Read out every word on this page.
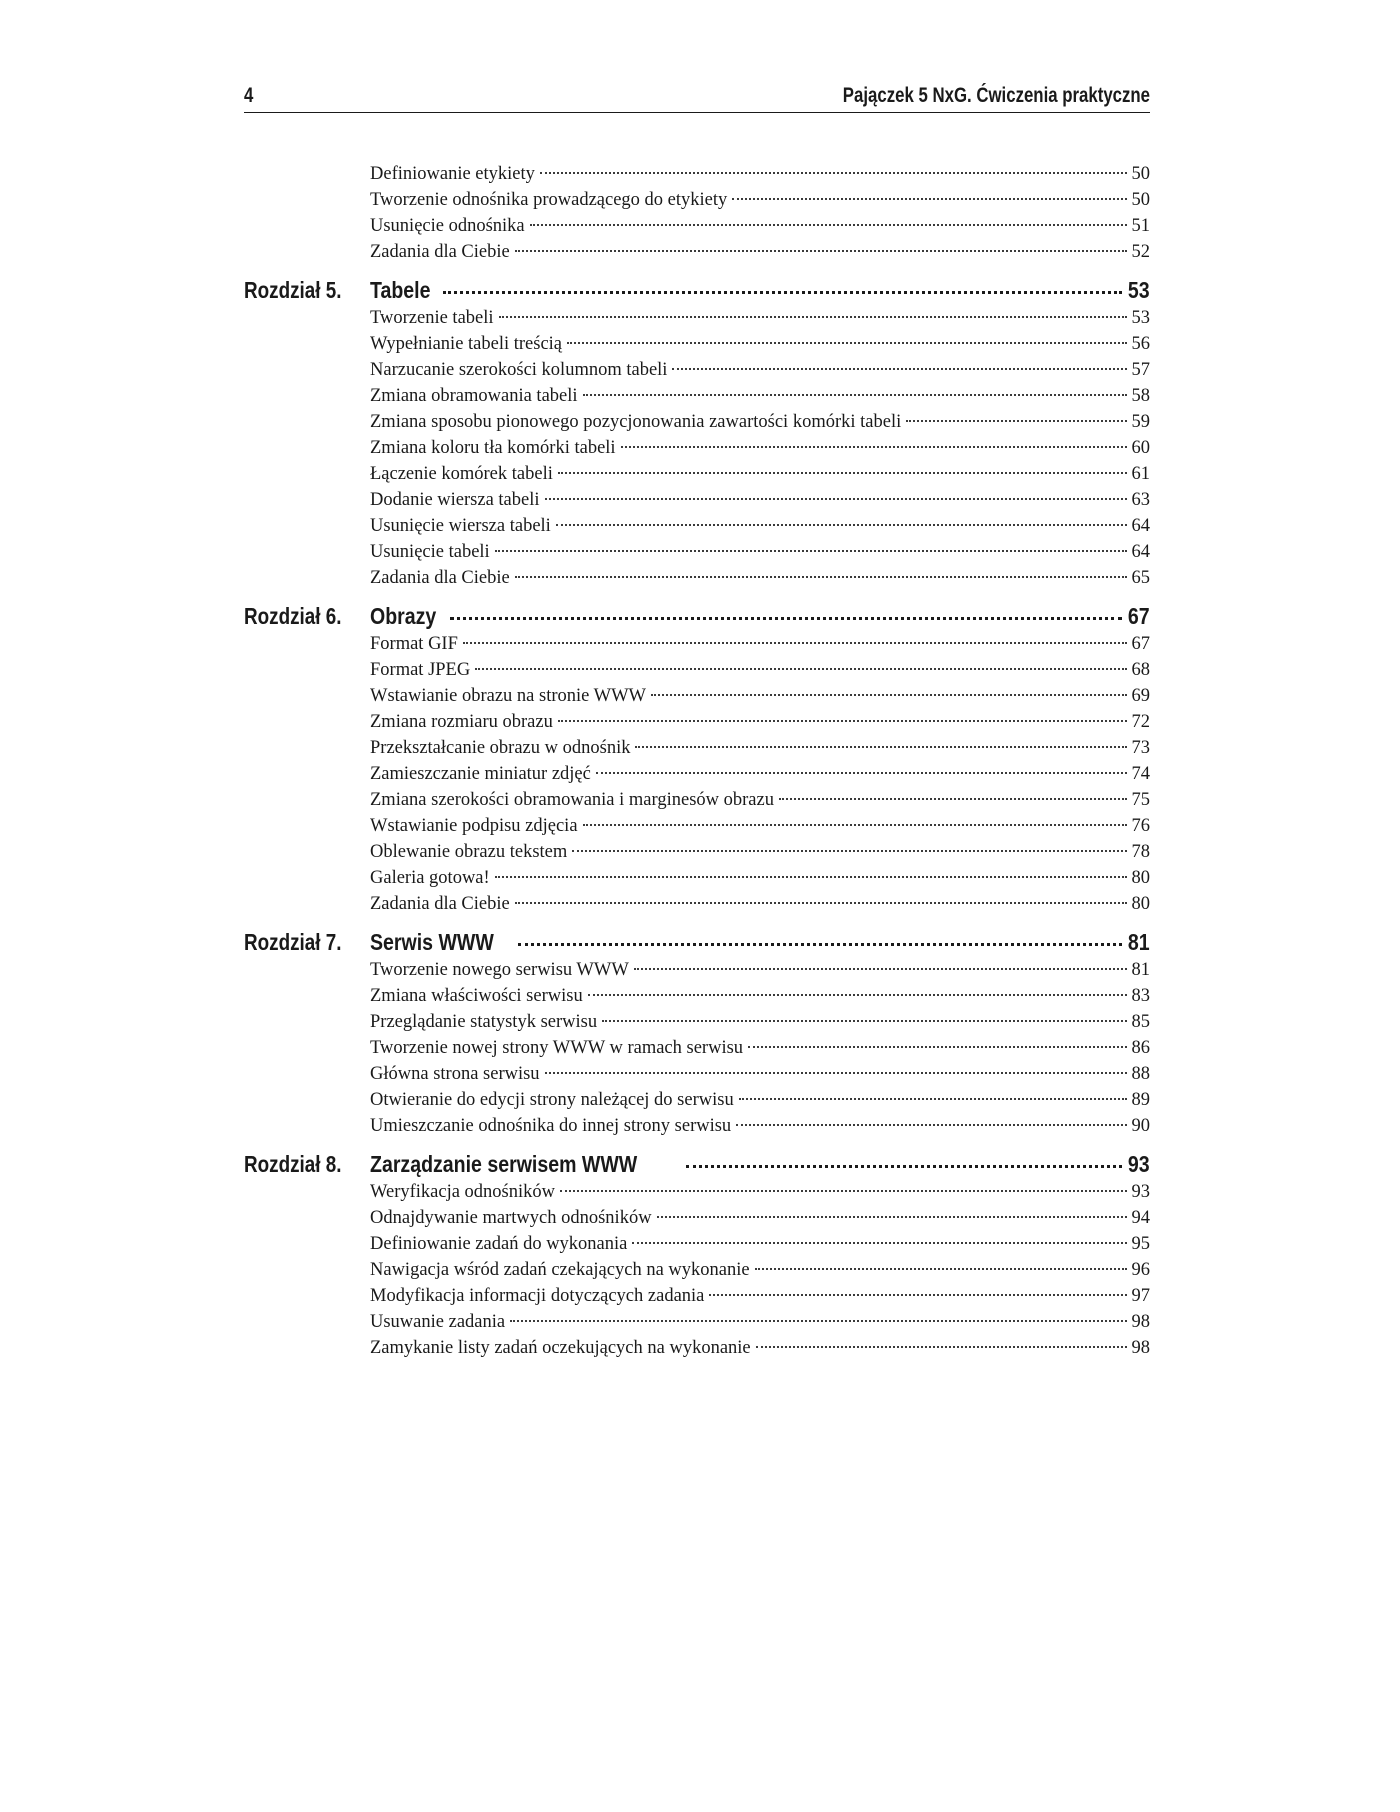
4	Pajączek 5 NxG. Ćwiczenia praktyczne
Definiowanie etykiety	50
Tworzenie odnośnika prowadzącego do etykiety	50
Usunięcie odnośnika	51
Zadania dla Ciebie	52
Rozdział 5. Tabele	53
Tworzenie tabeli	53
Wypełnianie tabeli treścią	56
Narzucanie szerokości kolumnom tabeli	57
Zmiana obramowania tabeli	58
Zmiana sposobu pionowego pozycjonowania zawartości komórki tabeli	59
Zmiana koloru tła komórki tabeli	60
Łączenie komórek tabeli	61
Dodanie wiersza tabeli	63
Usunięcie wiersza tabeli	64
Usunięcie tabeli	64
Zadania dla Ciebie	65
Rozdział 6. Obrazy	67
Format GIF	67
Format JPEG	68
Wstawianie obrazu na stronie WWW	69
Zmiana rozmiaru obrazu	72
Przekształcanie obrazu w odnośnik	73
Zamieszczanie miniatur zdjęć	74
Zmiana szerokości obramowania i marginesów obrazu	75
Wstawianie podpisu zdjęcia	76
Oblewanie obrazu tekstem	78
Galeria gotowa!	80
Zadania dla Ciebie	80
Rozdział 7. Serwis WWW	81
Tworzenie nowego serwisu WWW	81
Zmiana właściwości serwisu	83
Przeglądanie statystyk serwisu	85
Tworzenie nowej strony WWW w ramach serwisu	86
Główna strona serwisu	88
Otwieranie do edycji strony należącej do serwisu	89
Umieszczanie odnośnika do innej strony serwisu	90
Rozdział 8. Zarządzanie serwisem WWW	93
Weryfikacja odnośników	93
Odnajdywanie martwych odnośników	94
Definiowanie zadań do wykonania	95
Nawigacja wśród zadań czekających na wykonanie	96
Modyfikacja informacji dotyczących zadania	97
Usuwanie zadania	98
Zamykanie listy zadań oczekujących na wykonanie	98
